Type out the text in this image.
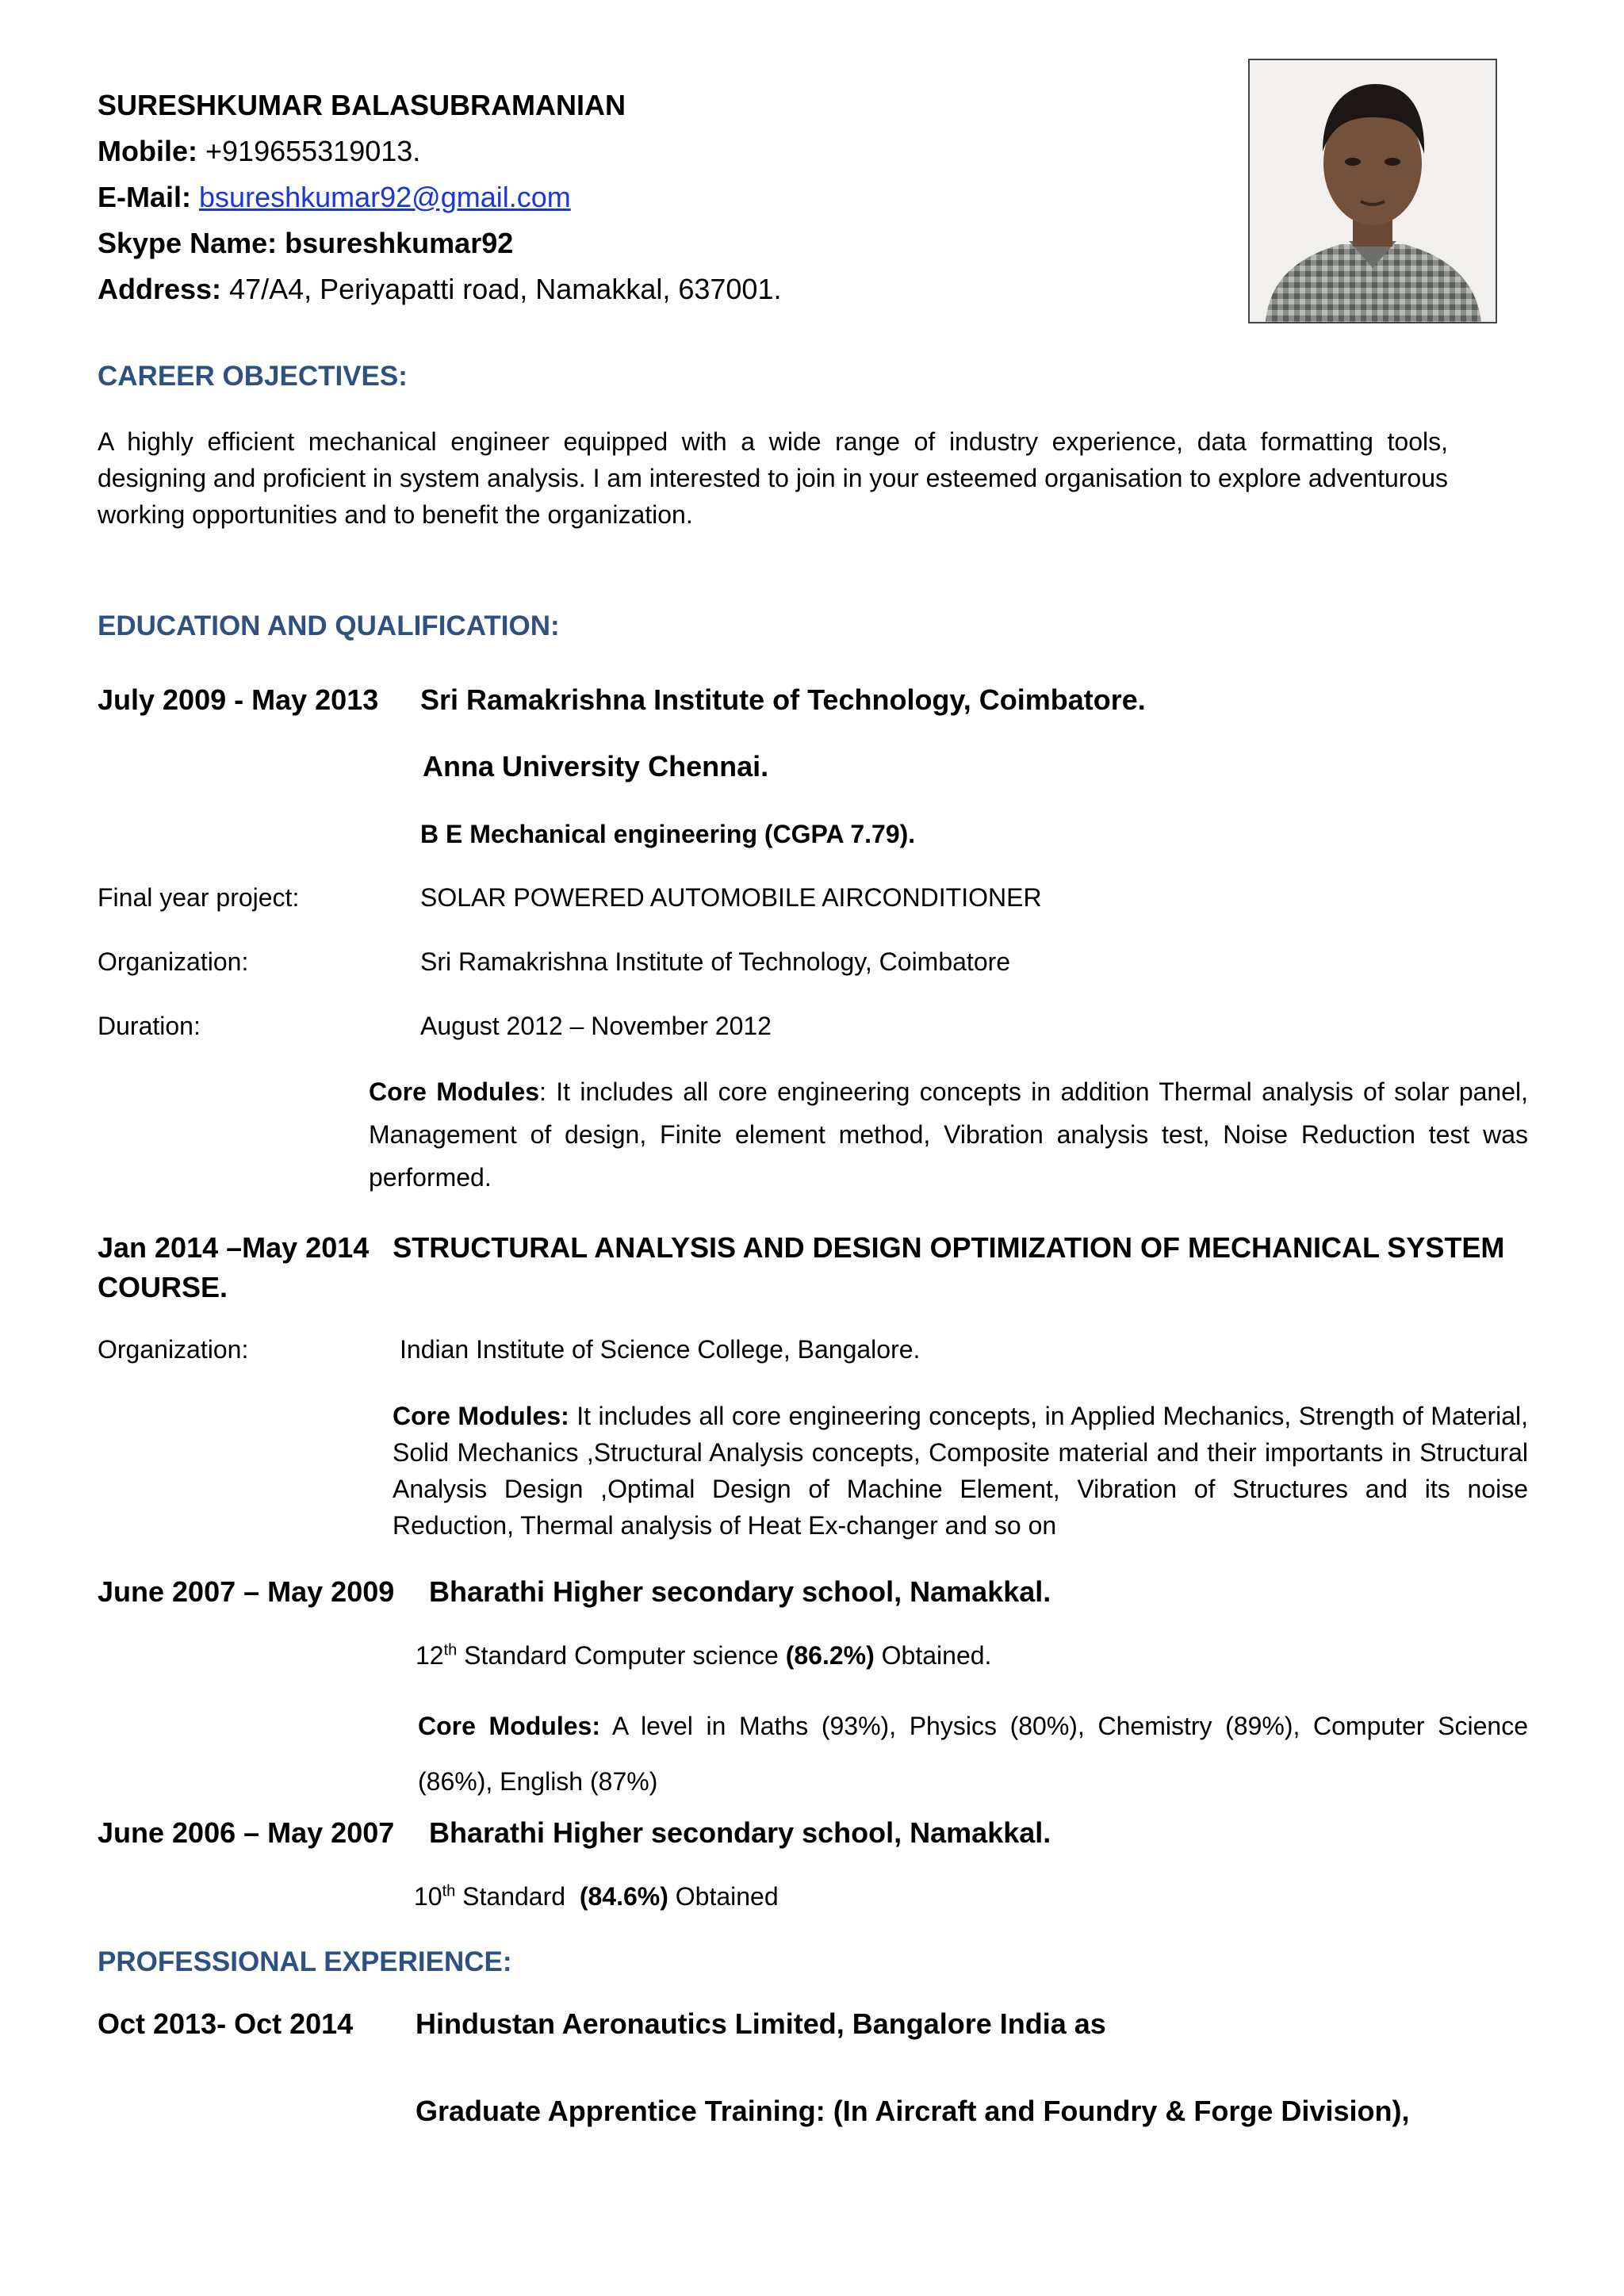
SURESHKUMAR BALASUBRAMANIAN
Mobile: +919655319013.
E-Mail: bsureshkumar92@gmail.com
Skype Name: bsureshkumar92
Address: 47/A4, Periyapatti road, Namakkal, 637001.
CAREER OBJECTIVES:
A highly efficient mechanical engineer equipped with a wide range of industry experience, data formatting tools, designing and proficient in system analysis. I am interested to join in your esteemed organisation to explore adventurous working opportunities and to benefit the organization.
EDUCATION AND QUALIFICATION:
July 2009 - May 2013 Sri Ramakrishna Institute of Technology, Coimbatore.
Anna University Chennai.
B E Mechanical engineering (CGPA 7.79).
Final year project:	SOLAR POWERED AUTOMOBILE AIRCONDITIONER
Organization:	Sri Ramakrishna Institute of Technology, Coimbatore
Duration:	August 2012 – November 2012
Core Modules: It includes all core engineering concepts in addition Thermal analysis of solar panel, Management of design, Finite element method, Vibration analysis test, Noise Reduction test was performed.
Jan 2014 –May 2014 STRUCTURAL ANALYSIS AND DESIGN OPTIMIZATION OF MECHANICAL SYSTEM
COURSE.
Organization:	Indian Institute of Science College, Bangalore.
Core Modules: It includes all core engineering concepts, in Applied Mechanics, Strength of Material, Solid Mechanics ,Structural Analysis concepts, Composite material and their importants in Structural Analysis Design ,Optimal Design of Machine Element, Vibration of Structures and its noise Reduction, Thermal analysis of Heat Ex-changer and so on
June 2007 – May 2009 Bharathi Higher secondary school, Namakkal.
12th Standard Computer science (86.2%) Obtained.
Core Modules: A level in Maths (93%), Physics (80%), Chemistry (89%), Computer Science (86%), English (87%)
June 2006 – May 2007 Bharathi Higher secondary school, Namakkal.
10th Standard  (84.6%) Obtained
PROFESSIONAL EXPERIENCE:
Oct 2013- Oct 2014 Hindustan Aeronautics Limited, Bangalore India as
Graduate Apprentice Training: (In Aircraft and Foundry & Forge Division),
